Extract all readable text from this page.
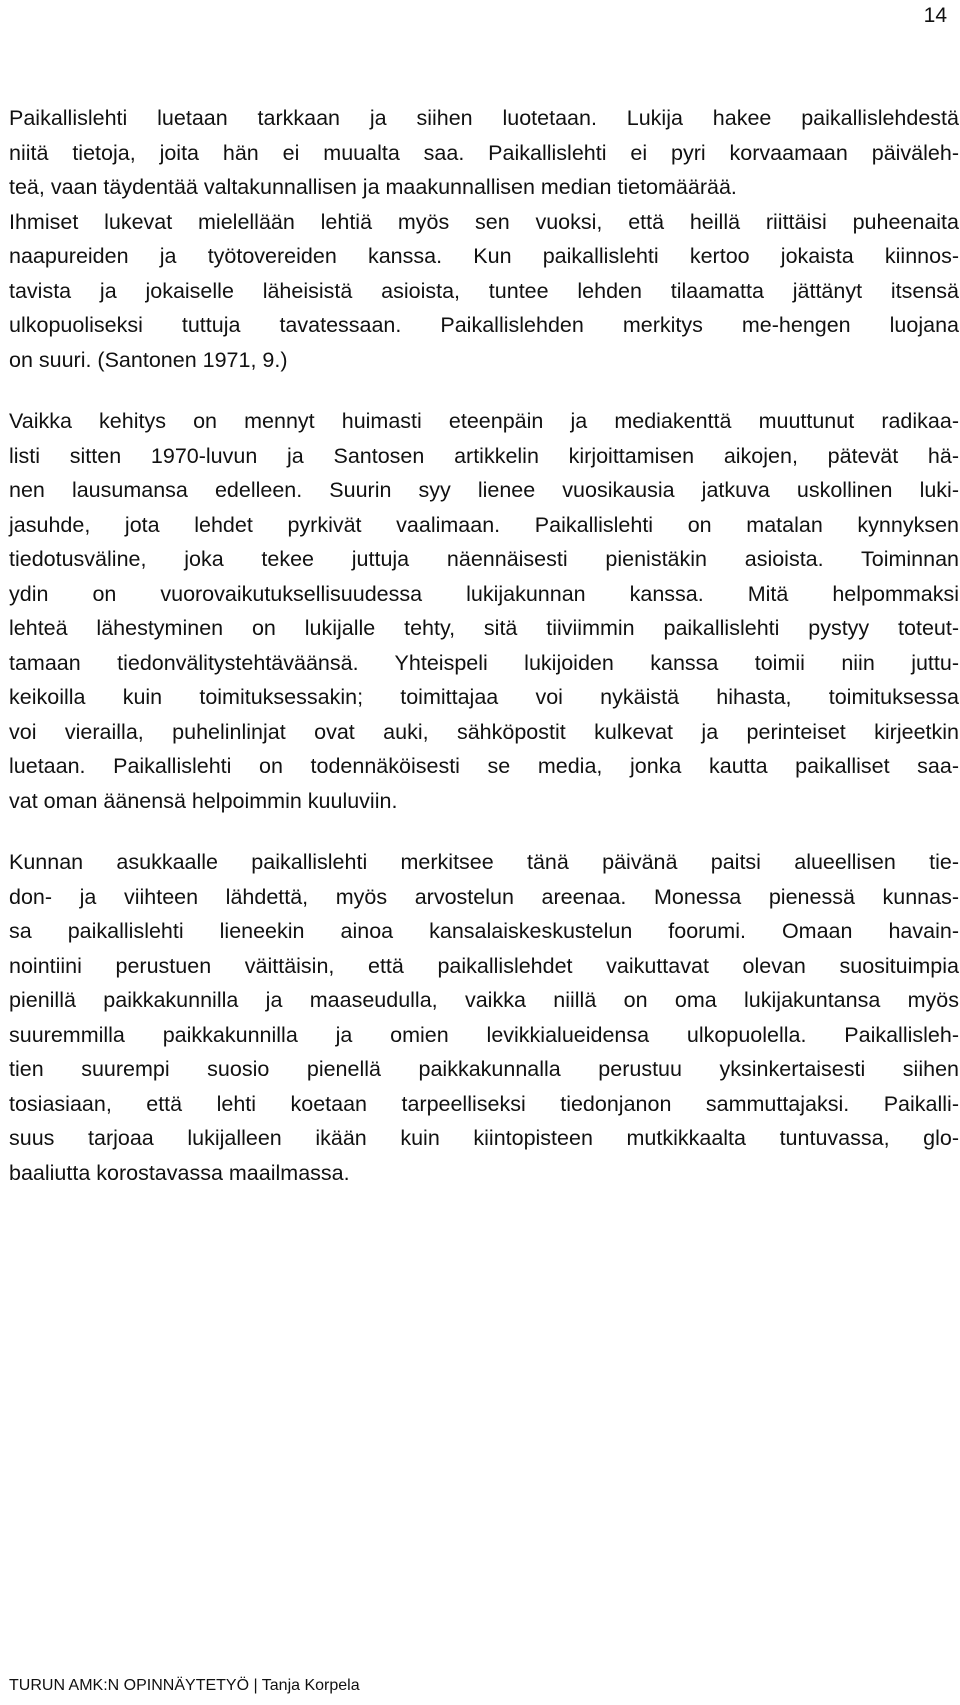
14

Paikallislehti luetaan tarkkaan ja siihen luotetaan. Lukija hakee paikallislehdestä
niitä tietoja, joita hän ei muualta saa. Paikallislehti ei pyri korvaamaan päiväleh-
teä, vaan täydentää valtakunnallisen ja maakunnallisen median tietomäärää.
Ihmiset lukevat mielellään lehtiä myös sen vuoksi, että heillä riittäisi puheenaita
naapureiden ja työtovereiden kanssa. Kun paikallislehti kertoo jokaista kiinnos-
tavista ja jokaiselle läheisistä asioista, tuntee lehden tilaamatta jättänyt itsensä
ulkopuoliseksi tuttuja tavatessaan. Paikallislehden merkitys me-hengen luojana
on suuri. (Santonen 1971, 9.)

Vaikka kehitys on mennyt huimasti eteenpäin ja mediakenttä muuttunut radikaa-
listi sitten 1970-luvun ja Santosen artikkelin kirjoittamisen aikojen, pätevät hä-
nen lausumansa edelleen. Suurin syy lienee vuosikausia jatkuva uskollinen luki-
jasuhde, jota lehdet pyrkivät vaalimaan. Paikallislehti on matalan kynnyksen
tiedotusväline, joka tekee juttuja näennäisesti pienistäkin asioista. Toiminnan
ydin on vuorovaikutuksellisuudessa lukijakunnan kanssa. Mitä helpommaksi
lehteä lähestyminen on lukijalle tehty, sitä tiiviimmin paikallislehti pystyy toteut-
tamaan tiedonvälitystehtäväänsä. Yhteispeli lukijoiden kanssa toimii niin juttu-
keikoilla kuin toimituksessakin; toimittajaa voi nykäistä hihasta, toimituksessa
voi vierailla, puhelinlinjat ovat auki, sähköpostit kulkevat ja perinteiset kirjeetkin
luetaan. Paikallislehti on todennäköisesti se media, jonka kautta paikalliset saa-
vat oman äänensä helpoimmin kuuluviin.

Kunnan asukkaalle paikallislehti merkitsee tänä päivänä paitsi alueellisen tie-
don- ja viihteen lähdettä, myös arvostelun areenaa. Monessa pienessä kunnas-
sa paikallislehti lieneekin ainoa kansalaiskeskustelun foorumi. Omaan havain-
nointiini perustuen väittäisin, että paikallislehdet vaikuttavat olevan suosituimpia
pienillä paikkakunnilla ja maaseudulla, vaikka niillä on oma lukijakuntansa myös
suuremmilla paikkakunnilla ja omien levikkialueidensa ulkopuolella. Paikallisleh-
tien suurempi suosio pienellä paikkakunnalla perustuu yksinkertaisesti siihen
tosiasiaan, että lehti koetaan tarpeelliseksi tiedonjanon sammuttajaksi. Paikalli-
suus tarjoaa lukijalleen ikään kuin kiintopisteen mutkikkaalta tuntuvassa, glo-
baaliutta korostavassa maailmassa.

TURUN AMK:N OPINNÄYTETYÖ | Tanja Korpela
